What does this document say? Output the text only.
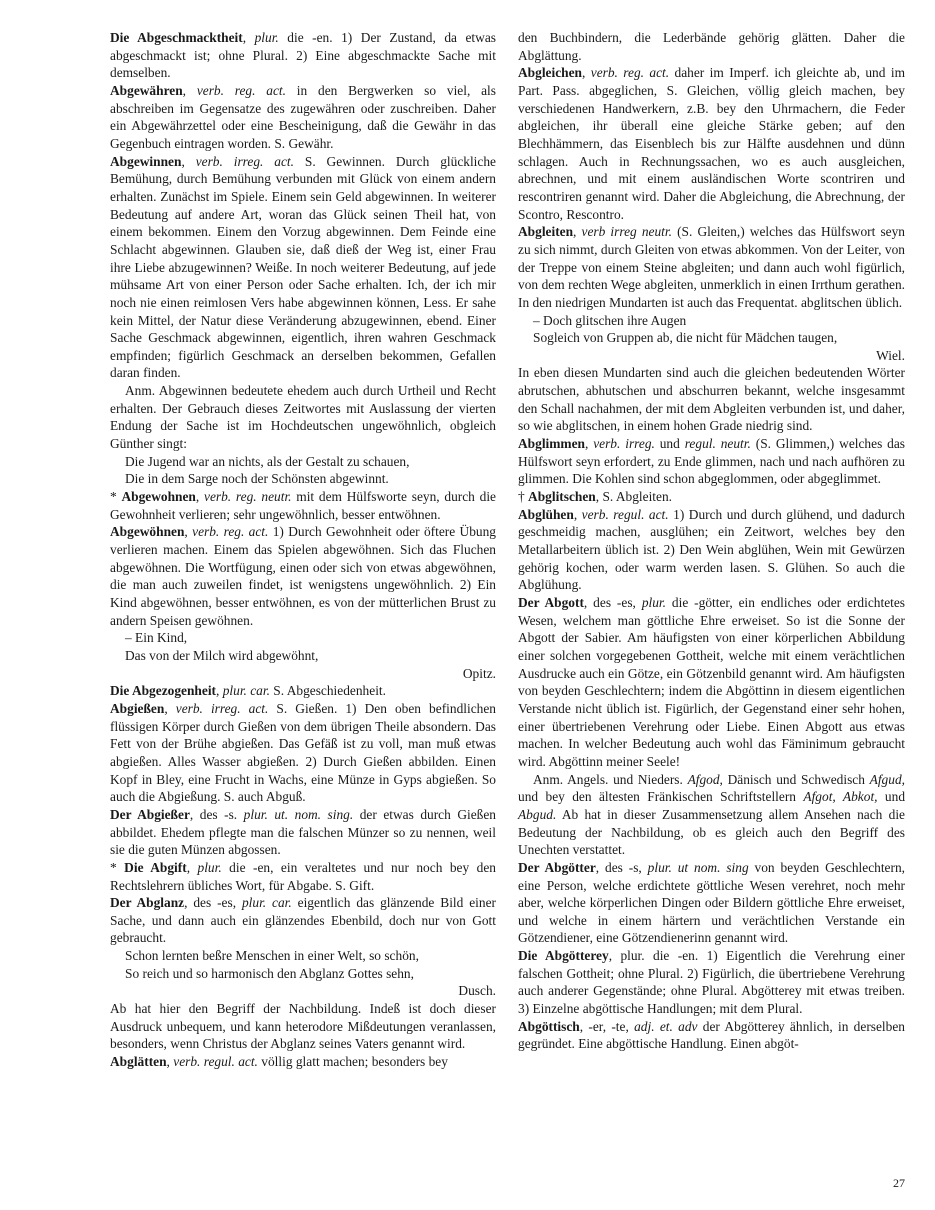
Die Abgeschmacktheit, plur. die -en. 1) Der Zustand, da etwas abgeschmackt ist; ohne Plural. 2) Eine abgeschmackte Sache mit demselben.

Abgewähren, verb. reg. act. in den Bergwerken so viel, als abschreiben im Gegensatze des zugewähren oder zuschreiben. Daher ein Abgewährzettel oder eine Bescheinigung, daß die Gewähr in das Gegenbuch eintragen worden. S. Gewähr.

Abgewinnen, verb. irreg. act. S. Gewinnen. Durch glückliche Bemühung, durch Bemühung verbunden mit Glück von einem andern erhalten. Zunächst im Spiele. Einem sein Geld abgewinnen. In weiterer Bedeutung auf andere Art, woran das Glück seinen Theil hat, von einem bekommen. Einem den Vorzug abgewinnen. Dem Feinde eine Schlacht abgewinnen. Glauben sie, daß dieß der Weg ist, einer Frau ihre Liebe abzugewinnen? Weiße. In noch weiterer Bedeutung, auf jede mühsame Art von einer Person oder Sache erhalten. Ich, der ich mir noch nie einen reimlosen Vers habe abgewinnen können, Less. Er sahe kein Mittel, der Natur diese Veränderung abzugewinnen, ebend. Einer Sache Geschmack abgewinnen, eigentlich, ihren wahren Geschmack empfinden; figürlich Geschmack an derselben bekommen, Gefallen daran finden.

Anm. Abgewinnen bedeutete ehedem auch durch Urtheil und Recht erhalten. Der Gebrauch dieses Zeitwortes mit Auslassung der vierten Endung der Sache ist im Hochdeutschen ungewöhnlich, obgleich Günther singt:

Die Jugend war an nichts, als der Gestalt zu schauen,

Die in dem Sarge noch der Schönsten abgewinnt.

* Abgewohnen, verb. reg. neutr. mit dem Hülfsworte seyn, durch die Gewohnheit verlieren; sehr ungewöhnlich, besser entwöhnen.

Abgewöhnen, verb. reg. act. 1) Durch Gewohnheit oder öftere Übung verlieren machen. Einem das Spielen abgewöhnen. Sich das Fluchen abgewöhnen. Die Wortfügung, einen oder sich von etwas abgewöhnen, die man auch zuweilen findet, ist wenigstens ungewöhnlich. 2) Ein Kind abgewöhnen, besser entwöhnen, es von der mütterlichen Brust zu andern Speisen gewöhnen.

– Ein Kind,

Das von der Milch wird abgewöhnt,

Opitz.

Die Abgezogenheit, plur. car. S. Abgeschiedenheit.

Abgießen, verb. irreg. act. S. Gießen. 1) Den oben befindlichen flüssigen Körper durch Gießen von dem übrigen Theile absondern. Das Fett von der Brühe abgießen. Das Gefäß ist zu voll, man muß etwas abgießen. Alles Wasser abgießen. 2) Durch Gießen abbilden. Einen Kopf in Bley, eine Frucht in Wachs, eine Münze in Gyps abgießen. So auch die Abgießung. S. auch Abguß.

Der Abgießer, des -s. plur. ut. nom. sing. der etwas durch Gießen abbildet. Ehedem pflegte man die falschen Münzer so zu nennen, weil sie die guten Münzen abgossen.

* Die Abgift, plur. die -en, ein veraltetes und nur noch bey den Rechtslehrern übliches Wort, für Abgabe. S. Gift.

Der Abglanz, des -es, plur. car. eigentlich das glänzende Bild einer Sache, und dann auch ein glänzendes Ebenbild, doch nur von Gott gebraucht.

Schon lernten beßre Menschen in einer Welt, so schön,

So reich und so harmonisch den Abglanz Gottes sehn,

Dusch.

Ab hat hier den Begriff der Nachbildung. Indeß ist doch dieser Ausdruck unbequem, und kann heterodore Mißdeutungen veranlassen, besonders, wenn Christus der Abglanz seines Vaters genannt wird.

Abglätten, verb. regul. act. völlig glatt machen; besonders bey

den Buchbindern, die Lederbände gehörig glätten. Daher die Abglättung.

Abgleichen, verb. reg. act. daher im Imperf. ich gleichte ab, und im Part. Pass. abgeglichen, S. Gleichen, völlig gleich machen, bey verschiedenen Handwerkern, z.B. bey den Uhrmachern, die Feder abgleichen, ihr überall eine gleiche Stärke geben; auf den Blechhämmern, das Eisenblech bis zur Hälfte ausdehnen und dünn schlagen. Auch in Rechnungssachen, wo es auch ausgleichen, abrechnen, und mit einem ausländischen Worte scontriren und rescontriren genannt wird. Daher die Abgleichung, die Abrechnung, der Scontro, Rescontro.

Abgleiten, verb irreg neutr. (S. Gleiten,) welches das Hülfswort seyn zu sich nimmt, durch Gleiten von etwas abkommen. Von der Leiter, von der Treppe von einem Steine abgleiten; und dann auch wohl figürlich, von dem rechten Wege abgleiten, unmerklich in einen Irrthum gerathen. In den niedrigen Mundarten ist auch das Frequentat. abglitschen üblich.

– Doch glitschen ihre Augen

Sogleich von Gruppen ab, die nicht für Mädchen taugen,

Wiel.

In eben diesen Mundarten sind auch die gleichen bedeutenden Wörter abrutschen, abhutschen und abschurren bekannt, welche insgesammt den Schall nachahmen, der mit dem Abgleiten verbunden ist, und daher, so wie abglitschen, in einem hohen Grade niedrig sind.

Abglimmen, verb. irreg. und regul. neutr. (S. Glimmen,) welches das Hülfswort seyn erfordert, zu Ende glimmen, nach und nach aufhören zu glimmen. Die Kohlen sind schon abgeglommen, oder abgeglimmet.

† Abglitschen, S. Abgleiten.

Abglühen, verb. regul. act. 1) Durch und durch glühend, und dadurch geschmeidig machen, ausglühen; ein Zeitwort, welches bey den Metallarbeitern üblich ist. 2) Den Wein abglühen, Wein mit Gewürzen gehörig kochen, oder warm werden lasen. S. Glühen. So auch die Abglühung.

Der Abgott, des -es, plur. die -götter, ein endliches oder erdichtetes Wesen, welchem man göttliche Ehre erweiset. So ist die Sonne der Abgott der Sabier. Am häufigsten von einer körperlichen Abbildung einer solchen vorgegebenen Gottheit, welche mit einem verächtlichen Ausdrucke auch ein Götze, ein Götzenbild genannt wird. Am häufigsten von beyden Geschlechtern; indem die Abgöttinn in diesem eigentlichen Verstande nicht üblich ist. Figürlich, der Gegenstand einer sehr hohen, einer übertriebenen Verehrung oder Liebe. Einen Abgott aus etwas machen. In welcher Bedeutung auch wohl das Fäminimum gebraucht wird. Abgöttinn meiner Seele!

Anm. Angels. und Nieders. Afgod, Dänisch und Schwedisch Afgud, und bey den ältesten Fränkischen Schriftstellern Afgot, Abkot, und Abgud. Ab hat in dieser Zusammensetzung allem Ansehen nach die Bedeutung der Nachbildung, ob es gleich auch den Begriff des Unechten verstattet.

Der Abgötter, des -s, plur. ut nom. sing von beyden Geschlechtern, eine Person, welche erdichtete göttliche Wesen verehret, noch mehr aber, welche körperlichen Dingen oder Bildern göttliche Ehre erweiset, und welche in einem härtern und verächtlichen Verstande ein Götzendiener, eine Götzendienerinn genannt wird.

Die Abgötterey, plur. die -en. 1) Eigentlich die Verehrung einer falschen Gottheit; ohne Plural. 2) Figürlich, die übertriebene Verehrung auch anderer Gegenstände; ohne Plural. Abgötterey mit etwas treiben. 3) Einzelne abgöttische Handlungen; mit dem Plural.

Abgöttisch, -er, -te, adj. et. adv der Abgötterey ähnlich, in derselben gegründet. Eine abgöttische Handlung. Einen abgöt-

27
